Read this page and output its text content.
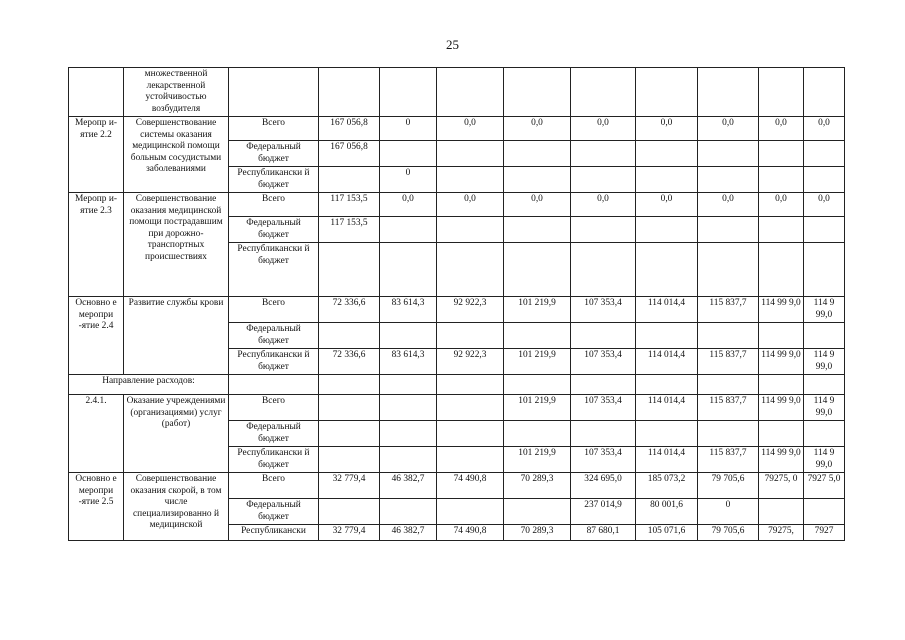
25
	множественной лекарственной устойчивостью возбудителя										
Меропр и-ятие 2.2	Совершенствование системы оказания медицинской помощи больным сосудистыми заболеваниями	Всего	167 056,8	0	0,0	0,0	0,0	0,0	0,0	0,0	0,0
		Федеральный бюджет	167 056,8								
		Республикански й бюджет		0							
Меропр и-ятие 2.3	Совершенствование оказания медицинской помощи пострадавшим при дорожно-транспортных происшествиях	Всего	117 153,5	0,0	0,0	0,0	0,0	0,0	0,0	0,0	0,0
		Федеральный бюджет	117 153,5								
		Республикански й бюджет									
Основно е меропри -ятие 2.4	Развитие службы крови	Всего	72 336,6	83 614,3	92 922,3	101 219,9	107 353,4	114 014,4	115 837,7	114 99 9,0	114 9 99,0
		Федеральный бюджет									
		Республикански й бюджет	72 336,6	83 614,3	92 922,3	101 219,9	107 353,4	114 014,4	115 837,7	114 99 9,0	114 9 99,0
Направление расходов:											
2.4.1.	Оказание учреждениями (организациями) услуг (работ)	Всего				101 219,9	107 353,4	114 014,4	115 837,7	114 99 9,0	114 9 99,0
		Федеральный бюджет									
		Республикански й бюджет				101 219,9	107 353,4	114 014,4	115 837,7	114 99 9,0	114 9 99,0
Основно е меропри -ятие 2.5	Совершенствование оказания скорой, в том числе специализированно й медицинской	Всего	32 779,4	46 382,7	74 490,8	70 289,3	324 695,0	185 073,2	79 705,6	79275, 0	7927 5,0
		Федеральный бюджет					237 014,9	80 001,6	0		
		Республикански	32 779,4	46 382,7	74 490,8	70 289,3	87 680,1	105 071,6	79 705,6	79275,	7927
